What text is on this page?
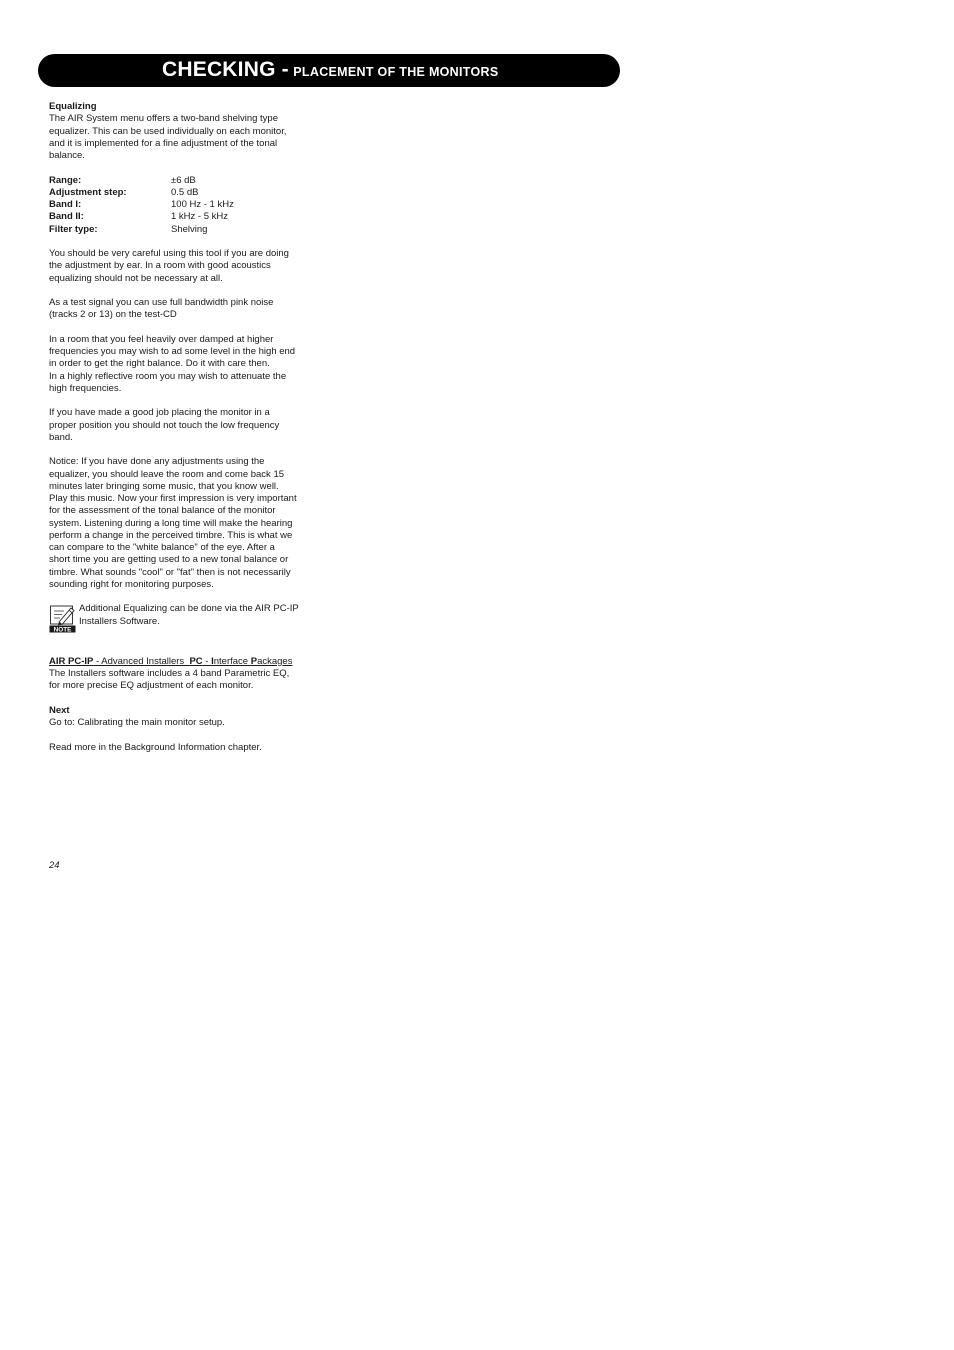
CHECKING - PLACEMENT OF THE MONITORS

Equalizing

The AIR System menu offers a two-band shelving type

equalizer. This can be used individually on each monitor,

and it is implemented for a fine adjustment of the tonal

balance.

Range:	±6 dB
Adjustment step:	0.5 dB
Band I:	100 Hz - 1 kHz
Band II:	1 kHz - 5 kHz
Filter type:	Shelving

You should be very careful using this tool if you are doing

the adjustment by ear. In a room with good acoustics

equalizing should not be necessary at all.

As a test signal you can use full bandwidth pink noise

(tracks 2 or 13) on the test-CD

In a room that you feel heavily over damped at higher

frequencies you may wish to ad some level in the high end

in order to get the right balance. Do it with care then.

In a highly reflective room you may wish to attenuate the

high frequencies.

If you have made a good job placing the monitor in a

proper position you should not touch the low frequency

band.

Notice: If you have done any adjustments using the

equalizer, you should leave the room and come back 15

minutes later bringing some music, that you know well.

Play this music. Now your first impression is very important

for the assessment of the tonal balance of the monitor

system. Listening during a long time will make the hearing

perform a change in the perceived timbre. This is what we

can compare to the "white balance" of the eye. After a

short time you are getting used to a new tonal balance or

timbre. What sounds "cool" or "fat" then is not necessarily

sounding right for monitoring purposes.

NOTE

Additional Equalizing can be done via the AIR PC-IP

Installers Software.

AIR PC-IP - Advanced Installers  PC - Interface Packages

The Installers software includes a 4 band Parametric EQ,

for more precise EQ adjustment of each monitor.

Next

Go to: Calibrating the main monitor setup.

Read more in the Background Information chapter.

24
